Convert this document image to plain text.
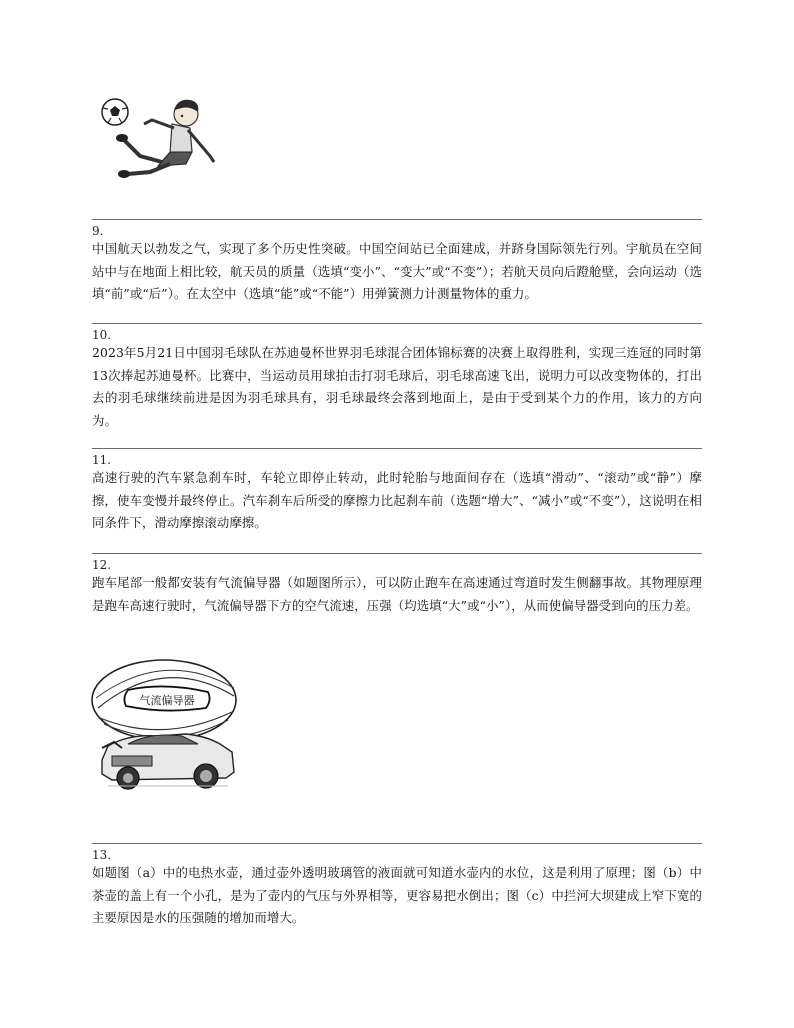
9.
中国航天以勃发之气，实现了多个历史性突破。中国空间站已全面建成，并跻身国际领先行列。宇航员在空间站中与在地面上相比较，航天员的质量（选填“变小”、“变大”或“不变”）；若航天员向后蹬舱壁，会向运动（选填“前”或“后”）。在太空中（选填“能”或“不能”）用弹簧测力计测量物体的重力。
10.
2023年5月21日中国羽毛球队在苏迪曼杯世界羽毛球混合团体锦标赛的决赛上取得胜利，实现三连冠的同时第13次捧起苏迪曼杯。比赛中，当运动员用球拍击打羽毛球后，羽毛球高速飞出，说明力可以改变物体的，打出去的羽毛球继续前进是因为羽毛球具有，羽毛球最终会落到地面上，是由于受到某个力的作用，该力的方向为。
11.
高速行驶的汽车紧急刹车时，车轮立即停止转动，此时轮胎与地面间存在（选填“滑动”、“滚动”或“静”）摩擦，使车变慢并最终停止。汽车刹车后所受的摩擦力比起刹车前（选题“增大”、“减小”或“不变”），这说明在相同条件下，滑动摩擦滚动摩擦。
12.
跑车尾部一般都安装有气流偏导器（如题图所示），可以防止跑车在高速通过弯道时发生侧翻事故。其物理原理是跑车高速行驶时，气流偏导器下方的空气流速，压强（均选填“大”或“小”），从而使偏导器受到向的压力差。
气流偏导器
13.
如题图（a）中的电热水壶，通过壶外透明玻璃管的液面就可知道水壶内的水位，这是利用了原理；图（b）中茶壶的盖上有一个小孔，是为了壶内的气压与外界相等，更容易把水倒出；图（c）中拦河大坝建成上窄下宽的主要原因是水的压强随的增加而增大。
